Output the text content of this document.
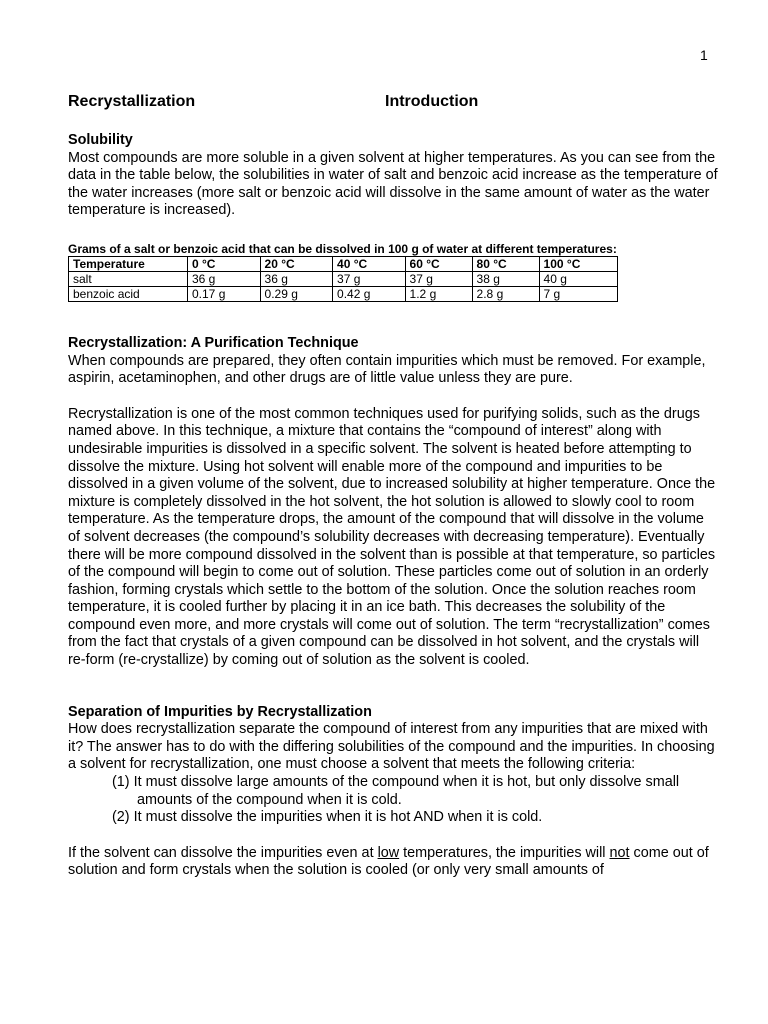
1
Recrystallization	Introduction
Solubility

Most compounds are more soluble in a given solvent at higher temperatures. As you can see from the data in the table below, the solubilities in water of salt and benzoic acid increase as the temperature of the water increases (more salt or benzoic acid will dissolve in the same amount of water as the water temperature is increased).

Grams of a salt or benzoic acid that can be dissolved in 100 g of water at different temperatures:
Temperature	0 °C	20 °C	40 °C	60 °C	80 °C	100 °C
salt	36 g	36 g	37 g	37 g	38 g	40 g
benzoic acid	0.17 g	0.29 g	0.42 g	1.2 g	2.8 g	7 g
Recrystallization: A Purification Technique

When compounds are prepared, they often contain impurities which must be removed. For example, aspirin, acetaminophen, and other drugs are of little value unless they are pure.

Recrystallization is one of the most common techniques used for purifying solids, such as the drugs named above. In this technique, a mixture that contains the “compound of interest” along with undesirable impurities is dissolved in a specific solvent. The solvent is heated before attempting to dissolve the mixture. Using hot solvent will enable more of the compound and impurities to be dissolved in a given volume of the solvent, due to increased solubility at higher temperature. Once the mixture is completely dissolved in the hot solvent, the hot solution is allowed to slowly cool to room temperature. As the temperature drops, the amount of the compound that will dissolve in the volume of solvent decreases (the compound’s solubility decreases with decreasing temperature). Eventually there will be more compound dissolved in the solvent than is possible at that temperature, so particles of the compound will begin to come out of solution. These particles come out of solution in an orderly fashion, forming crystals which settle to the bottom of the solution. Once the solution reaches room temperature, it is cooled further by placing it in an ice bath. This decreases the solubility of the compound even more, and more crystals will come out of solution. The term “recrystallization” comes from the fact that crystals of a given compound can be dissolved in hot solvent, and the crystals will re-form (re-crystallize) by coming out of solution as the solvent is cooled.

Separation of Impurities by Recrystallization

How does recrystallization separate the compound of interest from any impurities that are mixed with it? The answer has to do with the differing solubilities of the compound and the impurities. In choosing a solvent for recrystallization, one must choose a solvent that meets the following criteria:

(1) It must dissolve large amounts of the compound when it is hot, but only dissolve small amounts of the compound when it is cold.
(2) It must dissolve the impurities when it is hot AND when it is cold.

If the solvent can dissolve the impurities even at low temperatures, the impurities will not come out of solution and form crystals when the solution is cooled (or only very small amounts of
